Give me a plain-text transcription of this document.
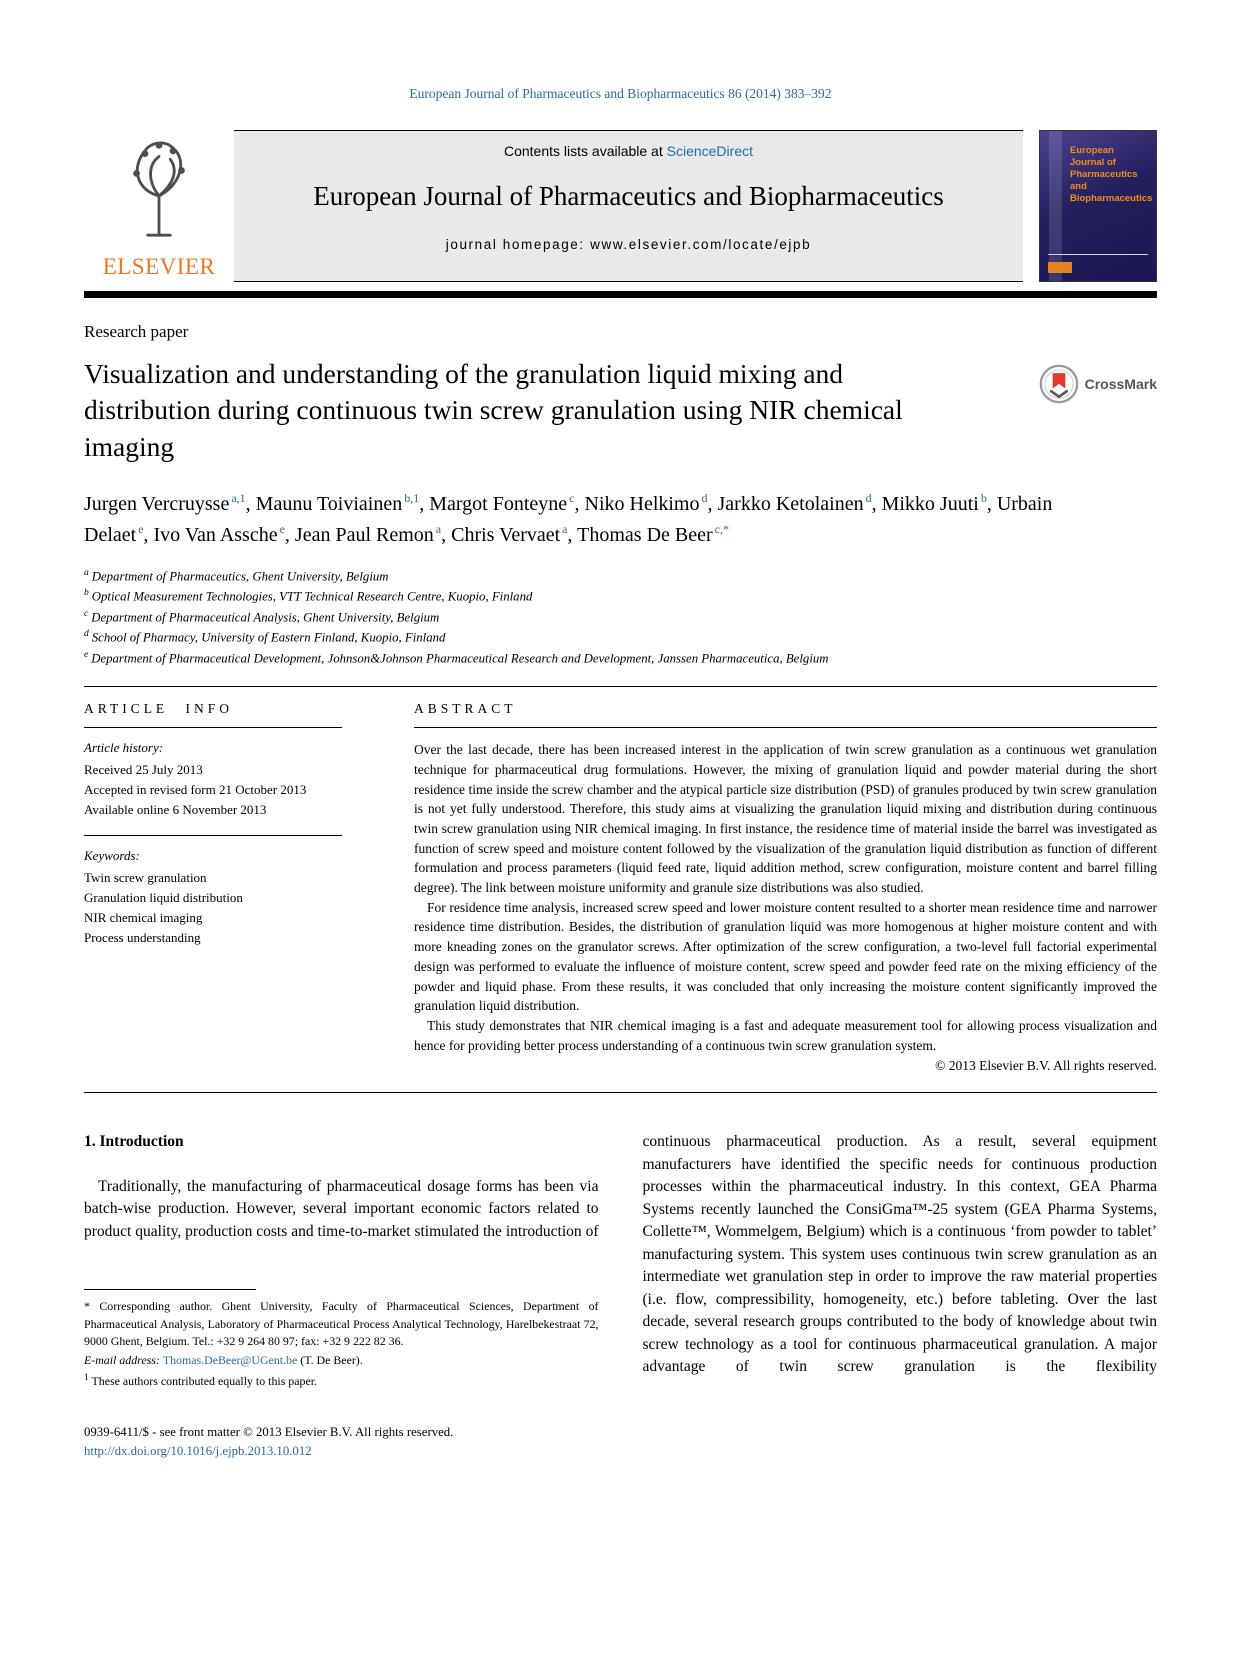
European Journal of Pharmaceutics and Biopharmaceutics 86 (2014) 383–392
ELSEVIER
Contents lists available at ScienceDirect
European Journal of Pharmaceutics and Biopharmaceutics
journal homepage: www.elsevier.com/locate/ejpb
European
Journal of
Pharmaceutics and
Biopharmaceutics
Research paper
Visualization and understanding of the granulation liquid mixing and distribution during continuous twin screw granulation using NIR chemical imaging
CrossMark
Jurgen Vercruysse $^{a,1}$, Maunu Toiviainen $^{b,1}$, Margot Fonteyne $^c$, Niko Helkimo $^d$, Jarkko Ketolainen $^d$, Mikko Juuti $^b$, Urbain Delaet $^e$, Ivo Van Assche $^e$, Jean Paul Remon $^a$, Chris Vervaet $^a$, Thomas De Beer $^{c,*}$
$^a$ Department of Pharmaceutics, Ghent University, Belgium
$^b$ Optical Measurement Technologies, VTT Technical Research Centre, Kuopio, Finland
$^c$ Department of Pharmaceutical Analysis, Ghent University, Belgium
$^d$ School of Pharmacy, University of Eastern Finland, Kuopio, Finland
$^e$ Department of Pharmaceutical Development, Johnson&Johnson Pharmaceutical Research and Development, Janssen Pharmaceutica, Belgium
ARTICLE INFO
Article history:
Received 25 July 2013
Accepted in revised form 21 October 2013
Available online 6 November 2013
Keywords:
Twin screw granulation
Granulation liquid distribution
NIR chemical imaging
Process understanding
ABSTRACT

Over the last decade, there has been increased interest in the application of twin screw granulation as a continuous wet granulation technique for pharmaceutical drug formulations. However, the mixing of granulation liquid and powder material during the short residence time inside the screw chamber and the atypical particle size distribution (PSD) of granules produced by twin screw granulation is not yet fully understood. Therefore, this study aims at visualizing the granulation liquid mixing and distribution during continuous twin screw granulation using NIR chemical imaging. In first instance, the residence time of material inside the barrel was investigated as function of screw speed and moisture content followed by the visualization of the granulation liquid distribution as function of different formulation and process parameters (liquid feed rate, liquid addition method, screw configuration, moisture content and barrel filling degree). The link between moisture uniformity and granule size distributions was also studied.

For residence time analysis, increased screw speed and lower moisture content resulted to a shorter mean residence time and narrower residence time distribution. Besides, the distribution of granulation liquid was more homogenous at higher moisture content and with more kneading zones on the granulator screws. After optimization of the screw configuration, a two-level full factorial experimental design was performed to evaluate the influence of moisture content, screw speed and powder feed rate on the mixing efficiency of the powder and liquid phase. From these results, it was concluded that only increasing the moisture content significantly improved the granulation liquid distribution.

This study demonstrates that NIR chemical imaging is a fast and adequate measurement tool for allowing process visualization and hence for providing better process understanding of a continuous twin screw granulation system.

© 2013 Elsevier B.V. All rights reserved.
1. Introduction

Traditionally, the manufacturing of pharmaceutical dosage forms has been via batch-wise production. However, several important economic factors related to product quality, production costs and time-to-market stimulated the introduction of

* Corresponding author. Ghent University, Faculty of Pharmaceutical Sciences, Department of Pharmaceutical Analysis, Laboratory of Pharmaceutical Process Analytical Technology, Harelbekestraat 72, 9000 Ghent, Belgium. Tel.: +32 9 264 80 97; fax: +32 9 222 82 36.

E-mail address: Thomas.DeBeer@UGent.be (T. De Beer).

$^1$ These authors contributed equally to this paper.

0939-6411/$ - see front matter © 2013 Elsevier B.V. All rights reserved.
http://dx.doi.org/10.1016/j.ejpb.2013.10.012

continuous pharmaceutical production. As a result, several equipment manufacturers have identified the specific needs for continuous production processes within the pharmaceutical industry. In this context, GEA Pharma Systems recently launched the ConsiGma™-25 system (GEA Pharma Systems, Collette™, Wommelgem, Belgium) which is a continuous ‘from powder to tablet’ manufacturing system. This system uses continuous twin screw granulation as an intermediate wet granulation step in order to improve the raw material properties (i.e. flow, compressibility, homogeneity, etc.) before tableting. Over the last decade, several research groups contributed to the body of knowledge about twin screw technology as a tool for continuous pharmaceutical granulation. A major advantage of twin screw granulation is the flexibility
